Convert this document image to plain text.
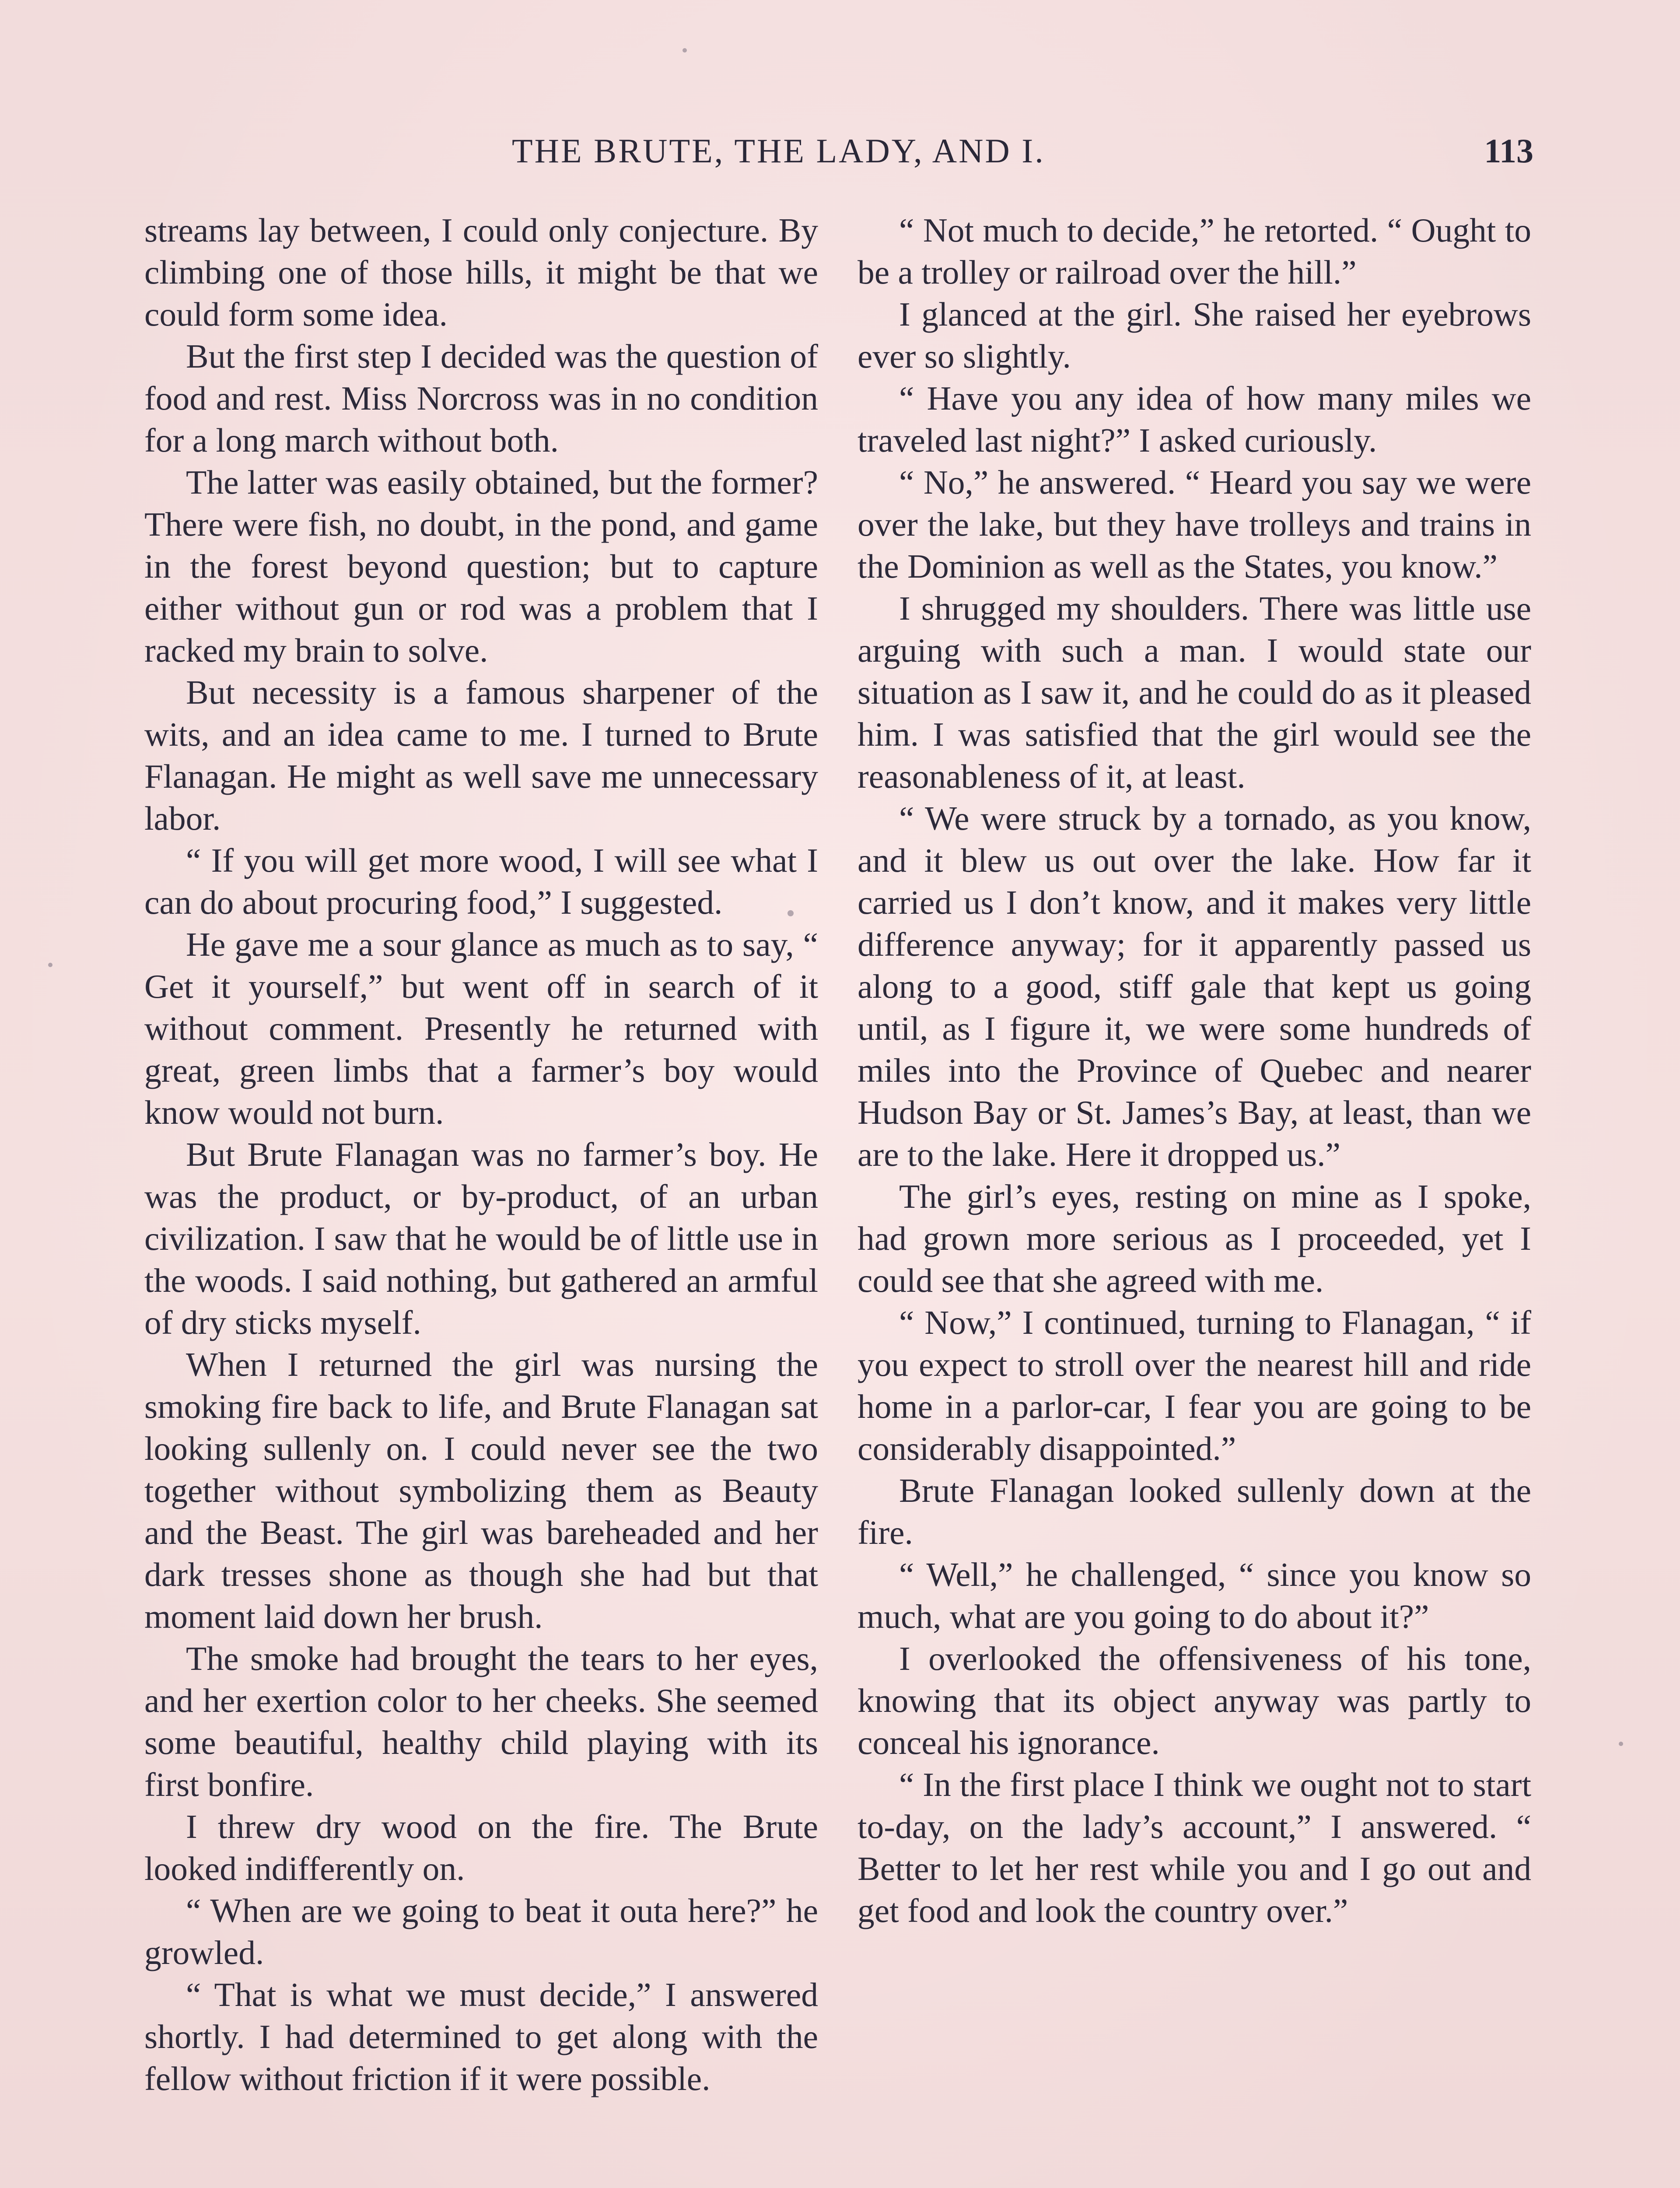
THE BRUTE, THE LADY, AND I.	113

streams lay between, I could only conjecture. By climbing one of those hills, it might be that we could form some idea.

But the first step I decided was the question of food and rest. Miss Norcross was in no condition for a long march without both.

The latter was easily obtained, but the former? There were fish, no doubt, in the pond, and game in the forest beyond question; but to capture either without gun or rod was a problem that I racked my brain to solve.

But necessity is a famous sharpener of the wits, and an idea came to me. I turned to Brute Flanagan. He might as well save me unnecessary labor.

“ If you will get more wood, I will see what I can do about procuring food,” I suggested.

He gave me a sour glance as much as to say, “ Get it yourself,” but went off in search of it without comment. Presently he returned with great, green limbs that a farmer’s boy would know would not burn.

But Brute Flanagan was no farmer’s boy. He was the product, or by-product, of an urban civilization. I saw that he would be of little use in the woods. I said nothing, but gathered an armful of dry sticks myself.

When I returned the girl was nursing the smoking fire back to life, and Brute Flanagan sat looking sullenly on. I could never see the two together without symbolizing them as Beauty and the Beast. The girl was bareheaded and her dark tresses shone as though she had but that moment laid down her brush.

The smoke had brought the tears to her eyes, and her exertion color to her cheeks. She seemed some beautiful, healthy child playing with its first bonfire.

I threw dry wood on the fire. The Brute looked indifferently on.

“ When are we going to beat it outa here?” he growled.

“ That is what we must decide,” I answered shortly. I had determined to get along with the fellow without friction if it were possible.

“ Not much to decide,” he retorted. “ Ought to be a trolley or railroad over the hill.”

I glanced at the girl. She raised her eyebrows ever so slightly.

“ Have you any idea of how many miles we traveled last night?” I asked curiously.

“ No,” he answered. “ Heard you say we were over the lake, but they have trolleys and trains in the Dominion as well as the States, you know.”

I shrugged my shoulders. There was little use arguing with such a man. I would state our situation as I saw it, and he could do as it pleased him. I was satisfied that the girl would see the reasonableness of it, at least.

“ We were struck by a tornado, as you know, and it blew us out over the lake. How far it carried us I don’t know, and it makes very little difference anyway; for it apparently passed us along to a good, stiff gale that kept us going until, as I figure it, we were some hundreds of miles into the Province of Quebec and nearer Hudson Bay or St. James’s Bay, at least, than we are to the lake. Here it dropped us.”

The girl’s eyes, resting on mine as I spoke, had grown more serious as I proceeded, yet I could see that she agreed with me.

“ Now,” I continued, turning to Flanagan, “ if you expect to stroll over the nearest hill and ride home in a parlor-car, I fear you are going to be considerably disappointed.”

Brute Flanagan looked sullenly down at the fire.

“ Well,” he challenged, “ since you know so much, what are you going to do about it?”

I overlooked the offensiveness of his tone, knowing that its object anyway was partly to conceal his ignorance.

“ In the first place I think we ought not to start to-day, on the lady’s account,” I answered. “ Better to let her rest while you and I go out and get food and look the country over.”
